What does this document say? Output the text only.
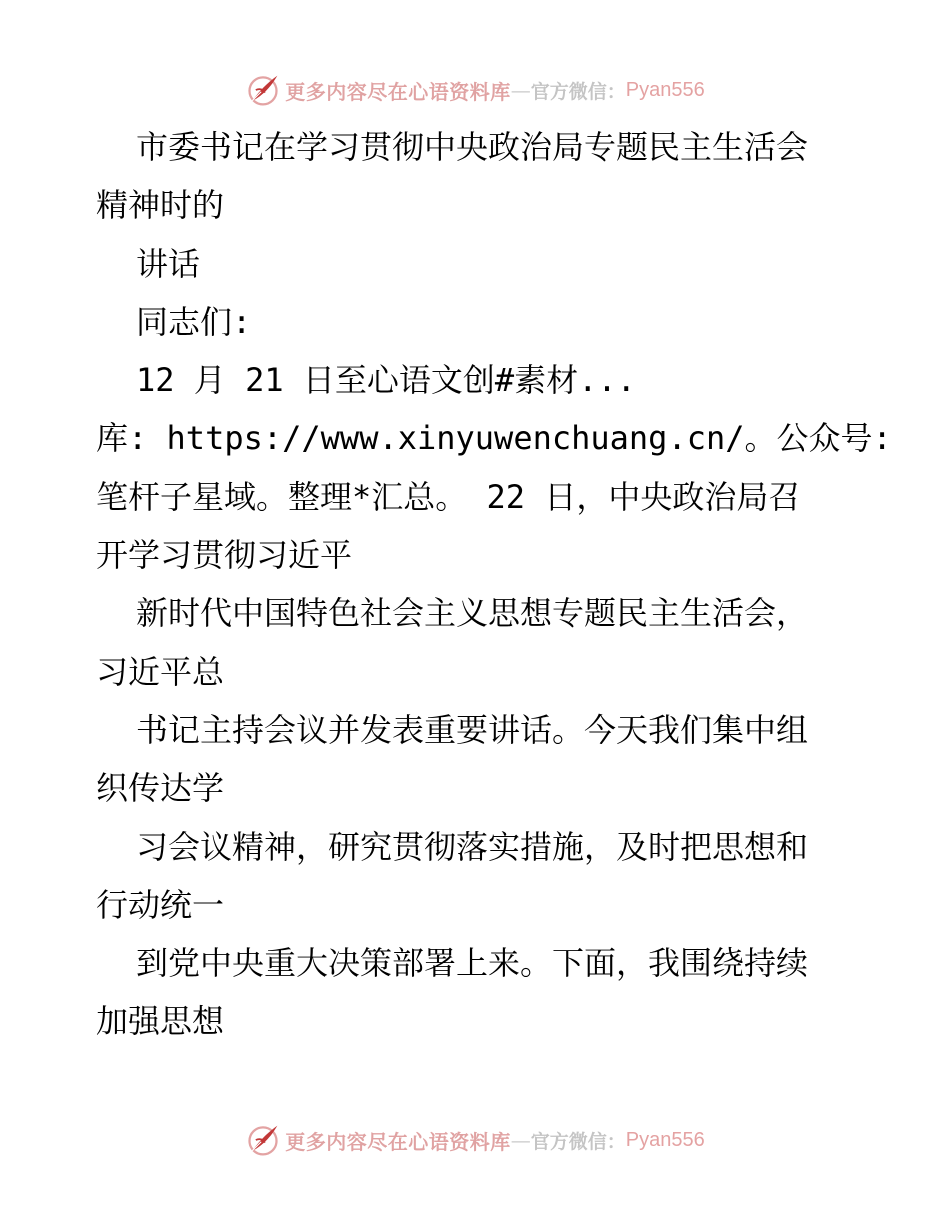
更多内容尽在心语资料库 — 官方微信： Pyan556
市委书记在学习贯彻中央政治局专题民主生活会
精神时的
讲话
同志们:
12 月 21 日至心语文创#素材...
库: https://www.xinyuwenchuang.cn/。公众号:
笔杆子星域。整理*汇总。 22 日，中央政治局召
开学习贯彻习近平
新时代中国特色社会主义思想专题民主生活会，
习近平总
书记主持会议并发表重要讲话。今天我们集中组
织传达学
习会议精神，研究贯彻落实措施，及时把思想和
行动统一
到党中央重大决策部署上来。下面，我围绕持续
加强思想
更多内容尽在心语资料库 — 官方微信： Pyan556
